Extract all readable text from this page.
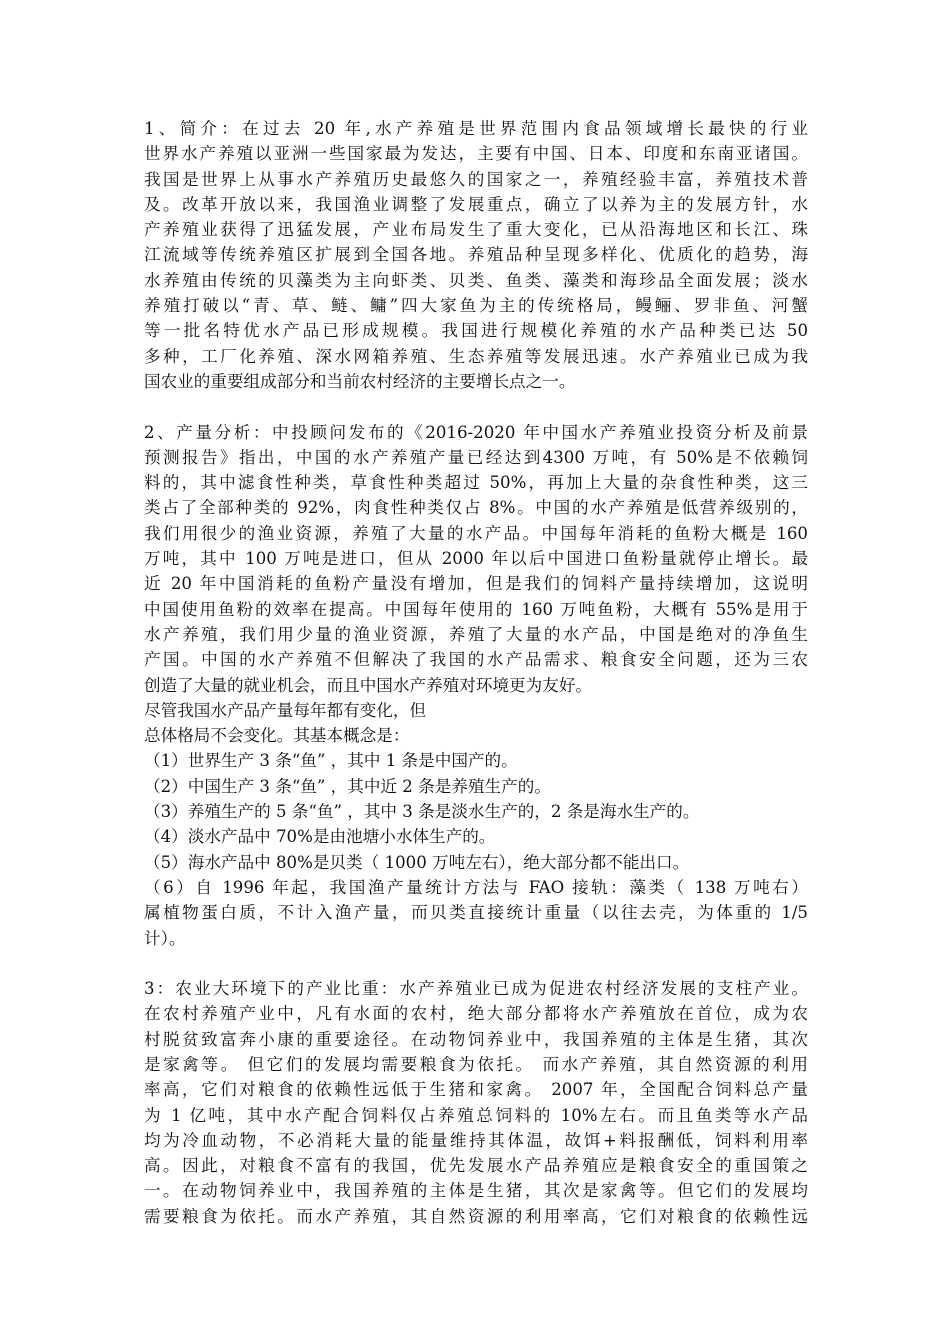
1、简介：在过去 20 年,水产养殖是世界范围内食品领域增长最快的行业
世界水产养殖以亚洲一些国家最为发达，主要有中国、日本、印度和东南亚诸国。
我国是世界上从事水产养殖历史最悠久的国家之一，养殖经验丰富，养殖技术普
及。改革开放以来，我国渔业调整了发展重点，确立了以养为主的发展方针，水
产养殖业获得了迅猛发展，产业布局发生了重大变化，已从沿海地区和长江、珠
江流域等传统养殖区扩展到全国各地。养殖品种呈现多样化、优质化的趋势，海
水养殖由传统的贝藻类为主向虾类、贝类、鱼类、藻类和海珍品全面发展；淡水
养殖打破以“青、草、鲢、鳙”四大家鱼为主的传统格局，鳗鲡、罗非鱼、河蟹
等一批名特优水产品已形成规模。我国进行规模化养殖的水产品种类已达 50
多种，工厂化养殖、深水网箱养殖、生态养殖等发展迅速。水产养殖业已成为我
国农业的重要组成部分和当前农村经济的主要增长点之一。
2、产量分析：中投顾问发布的《2016-2020 年中国水产养殖业投资分析及前景
预测报告》指出，中国的水产养殖产量已经达到4300 万吨，有 50%是不依赖饲
料的，其中滤食性种类，草食性种类超过 50%，再加上大量的杂食性种类，这三
类占了全部种类的 92%，肉食性种类仅占 8%。中国的水产养殖是低营养级别的，
我们用很少的渔业资源，养殖了大量的水产品。中国每年消耗的鱼粉大概是 160
万吨，其中 100 万吨是进口，但从 2000 年以后中国进口鱼粉量就停止增长。最
近 20 年中国消耗的鱼粉产量没有增加，但是我们的饲料产量持续增加，这说明
中国使用鱼粉的效率在提高。中国每年使用的 160 万吨鱼粉，大概有 55%是用于
水产养殖，我们用少量的渔业资源，养殖了大量的水产品，中国是绝对的净鱼生
产国。中国的水产养殖不但解决了我国的水产品需求、粮食安全问题，还为三农
创造了大量的就业机会，而且中国水产养殖对环境更为友好。
尽管我国水产品产量每年都有变化，但
总体格局不会变化。其基本概念是：
（1）世界生产 3 条“鱼” ，其中 1 条是中国产的。
（2）中国生产 3 条“鱼” ，其中近 2 条是养殖生产的。
（3）养殖生产的 5 条“鱼” ，其中 3 条是淡水生产的，2 条是海水生产的。
（4）淡水产品中 70%是由池塘小水体生产的。
（5）海水产品中 80%是贝类（ 1000 万吨左右），绝大部分都不能出口。
（6）自 1996 年起，我国渔产量统计方法与 FAO 接轨：藻类（ 138 万吨右）
属植物蛋白质，不计入渔产量，而贝类直接统计重量（以往去壳，为体重的 1/5
计）。
3：农业大环境下的产业比重：水产养殖业已成为促进农村经济发展的支柱产业。
在农村养殖产业中，凡有水面的农村，绝大部分都将水产养殖放在首位，成为农
村脱贫致富奔小康的重要途径。在动物饲养业中，我国养殖的主体是生猪，其次
是家禽等。 但它们的发展均需要粮食为依托。 而水产养殖，其自然资源的利用
率高，它们对粮食的依赖性远低于生猪和家禽。 2007 年，全国配合饲料总产量
为 1 亿吨，其中水产配合饲料仅占养殖总饲料的 10%左右。而且鱼类等水产品
均为冷血动物，不必消耗大量的能量维持其体温，故饵+料报酬低，饲料利用率
高。因此，对粮食不富有的我国，优先发展水产品养殖应是粮食安全的重国策之
一。在动物饲养业中，我国养殖的主体是生猪，其次是家禽等。但它们的发展均
需要粮食为依托。而水产养殖，其自然资源的利用率高，它们对粮食的依赖性远
